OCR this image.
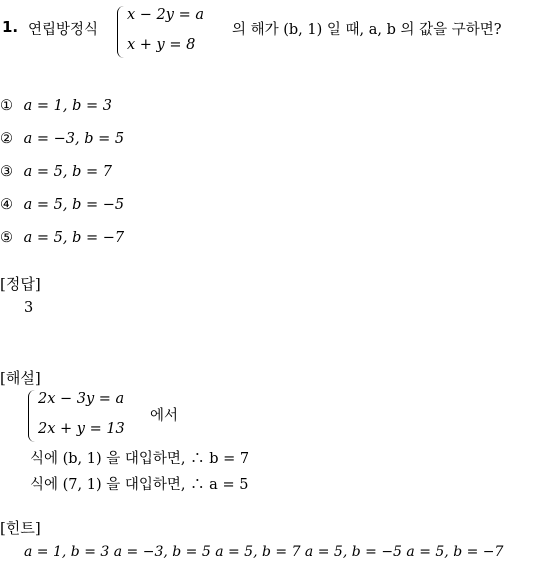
1. 연립방정식
x − 2y = a
x + y = 8
의 해가 (b, 1) 일 때, a, b 의 값을 구하면?
① a = 1, b = 3
② a = −3, b = 5
③ a = 5, b = 7
④ a = 5, b = −5
⑤ a = 5, b = −7
[정답]
3
[해설]
2x − 3y = a
2x + y = 13
에서
식에 (b, 1) 을 대입하면, ∴ b = 7
식에 (7, 1) 을 대입하면, ∴ a = 5
[힌트]
a = 1, b = 3 a = −3, b = 5 a = 5, b = 7 a = 5, b = −5 a = 5, b = −7
